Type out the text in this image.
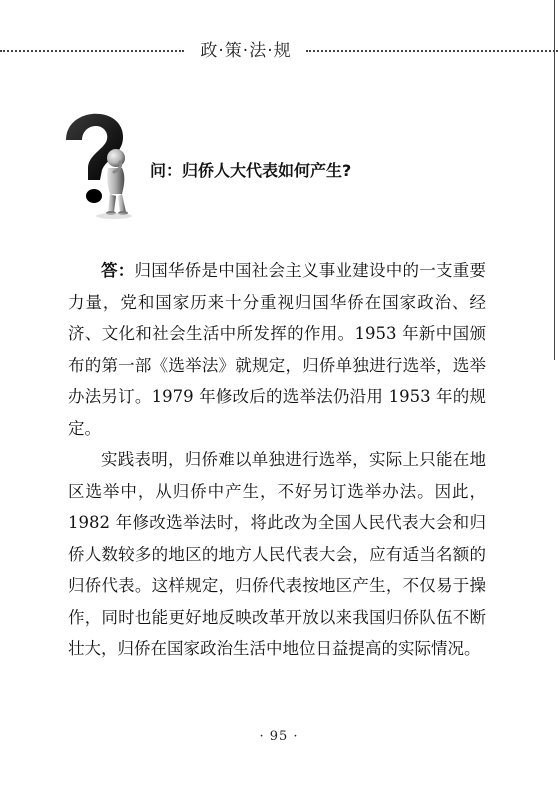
政·策·法·规
问：归侨人大代表如何产生?

答：归国华侨是中国社会主义事业建设中的一支重要力量，党和国家历来十分重视归国华侨在国家政治、经济、文化和社会生活中所发挥的作用。1953 年新中国颁布的第一部《选举法》就规定，归侨单独进行选举，选举办法另订。1979 年修改后的选举法仍沿用 1953 年的规定。

实践表明，归侨难以单独进行选举，实际上只能在地区选举中，从归侨中产生，不好另订选举办法。因此，1982 年修改选举法时，将此改为全国人民代表大会和归侨人数较多的地区的地方人民代表大会，应有适当名额的归侨代表。这样规定，归侨代表按地区产生，不仅易于操作，同时也能更好地反映改革开放以来我国归侨队伍不断壮大，归侨在国家政治生活中地位日益提高的实际情况。

· 95 ·
